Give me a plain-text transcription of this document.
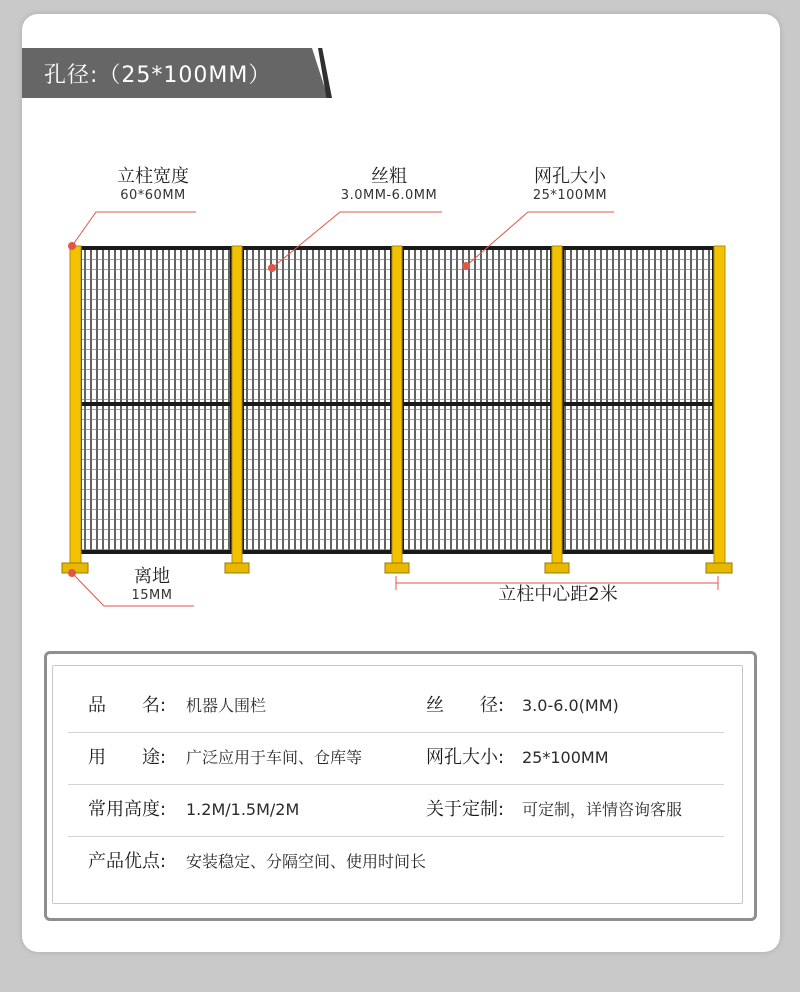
孔径:（25*100MM）
立柱宽度
60*60MM
丝粗
3.0MM-6.0MM
网孔大小
25*100MM
离地
15MM	立柱中心距2米
品　　名: 机器人围栏	丝　　径: 3.0-6.0(MM)
用　　途: 广泛应用于车间、仓库等	网孔大小: 25*100MM
常用高度: 1.2M/1.5M/2M	关于定制: 可定制，详情咨询客服
产品优点: 安装稳定、分隔空间、使用时间长
